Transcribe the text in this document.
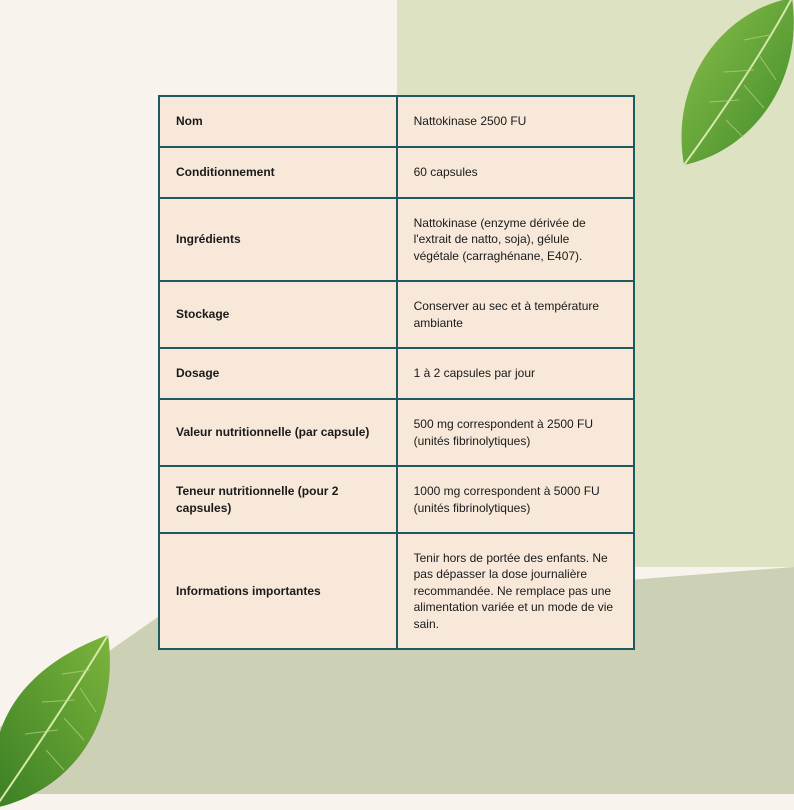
Nom	Nattokinase 2500 FU
Conditionnement	60 capsules
Ingrédients	Nattokinase (enzyme dérivée de l'extrait de natto, soja), gélule végétale (carraghénane, E407).
Stockage	Conserver au sec et à température ambiante
Dosage	1 à 2 capsules par jour
Valeur nutritionnelle (par capsule)	500 mg correspondent à 2500 FU (unités fibrinolytiques)
Teneur nutritionnelle (pour 2 capsules)	1000 mg correspondent à 5000 FU (unités fibrinolytiques)
Informations importantes	Tenir hors de portée des enfants. Ne pas dépasser la dose journalière recommandée. Ne remplace pas une alimentation variée et un mode de vie sain.
